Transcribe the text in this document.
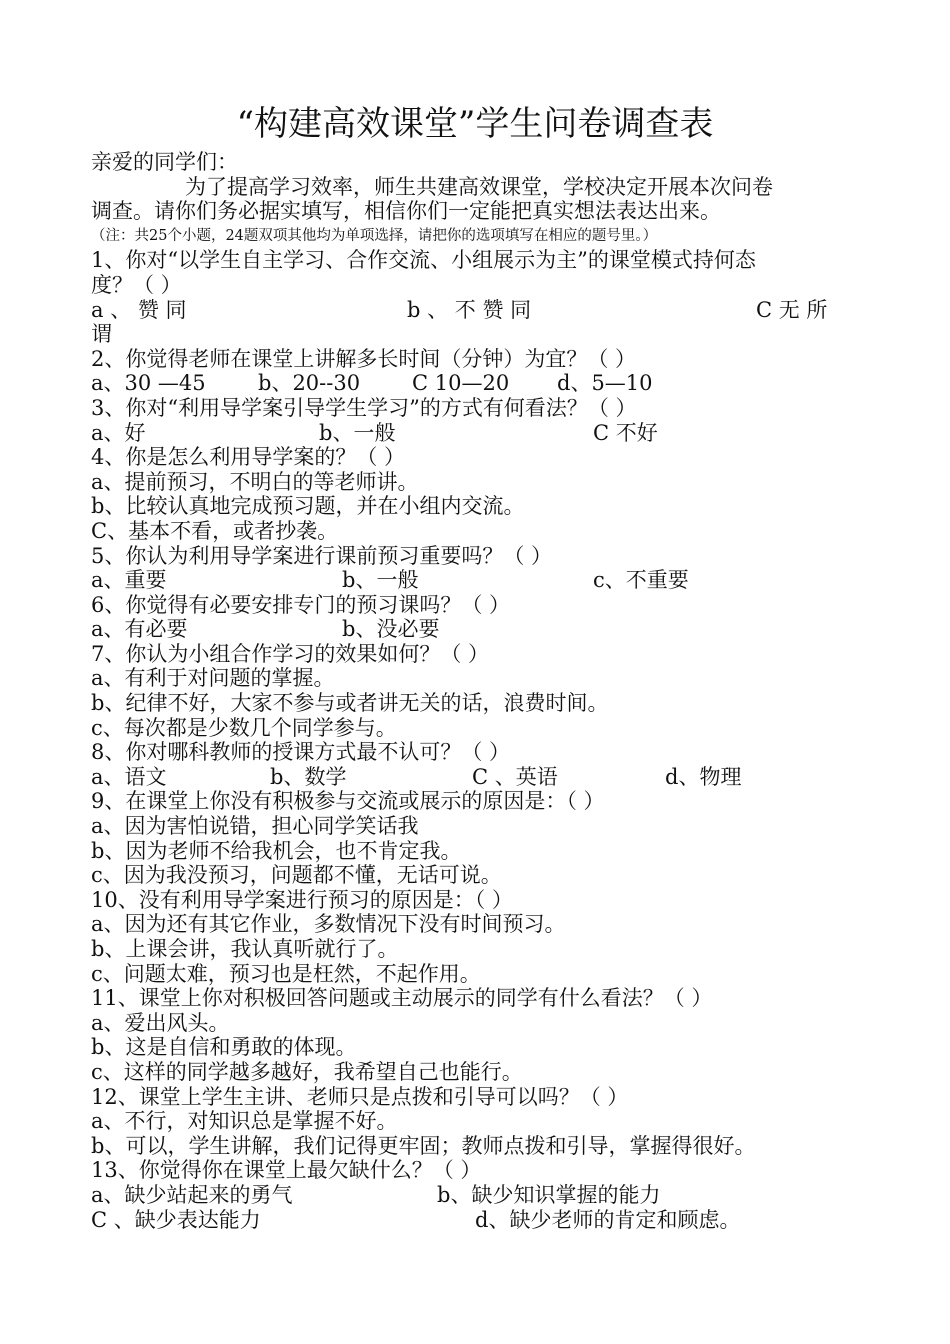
“构建高效课堂”学生问卷调查表
亲爱的同学们：
为了提高学习效率，师生共建高效课堂，学校决定开展本次问卷
调查。请你们务必据实填写，相信你们一定能把真实想法表达出来。
（注：共25个小题，24题双项其他均为单项选择，请把你的选项填写在相应的题号里。）
1、你对“以学生自主学习、合作交流、小组展示为主”的课堂模式持何态
度？（ ）
a 、 赞 同	b 、 不 赞 同	C 无 所
谓
2、你觉得老师在课堂上讲解多长时间（分钟）为宜？（ ）
a、30 —45 b、20--30 C 10—20 d、5—10
3、你对“利用导学案引导学生学习”的方式有何看法？（ ）
a、好	b、一般	C 不好
4、你是怎么利用导学案的？（ ）
a、提前预习，不明白的等老师讲。
b、比较认真地完成预习题，并在小组内交流。
C、基本不看，或者抄袭。
5、你认为利用导学案进行课前预习重要吗？（ ）
a、重要	b、一般	c、不重要
6、你觉得有必要安排专门的预习课吗？（ ）
a、有必要	b、没必要
7、你认为小组合作学习的效果如何？（ ）
a、有利于对问题的掌握。
b、纪律不好，大家不参与或者讲无关的话，浪费时间。
c、每次都是少数几个同学参与。
8、你对哪科教师的授课方式最不认可？（ ）
a、语文	b、数学	C 、英语	d、物理
9、在课堂上你没有积极参与交流或展示的原因是：（ ）
a、因为害怕说错，担心同学笑话我
b、因为老师不给我机会，也不肯定我。
c、因为我没预习，问题都不懂，无话可说。
10、没有利用导学案进行预习的原因是：（ ）
a、因为还有其它作业，多数情况下没有时间预习。
b、上课会讲，我认真听就行了。
c、问题太难，预习也是枉然，不起作用。
11、课堂上你对积极回答问题或主动展示的同学有什么看法？（ ）
a、爱出风头。
b、这是自信和勇敢的体现。
c、这样的同学越多越好，我希望自己也能行。
12、课堂上学生主讲、老师只是点拨和引导可以吗？（ ）
a、不行，对知识总是掌握不好。
b、可以，学生讲解，我们记得更牢固；教师点拨和引导，掌握得很好。
13、你觉得你在课堂上最欠缺什么？（ ）
a、缺少站起来的勇气	b、缺少知识掌握的能力
C 、缺少表达能力	d、缺少老师的肯定和顾虑。
